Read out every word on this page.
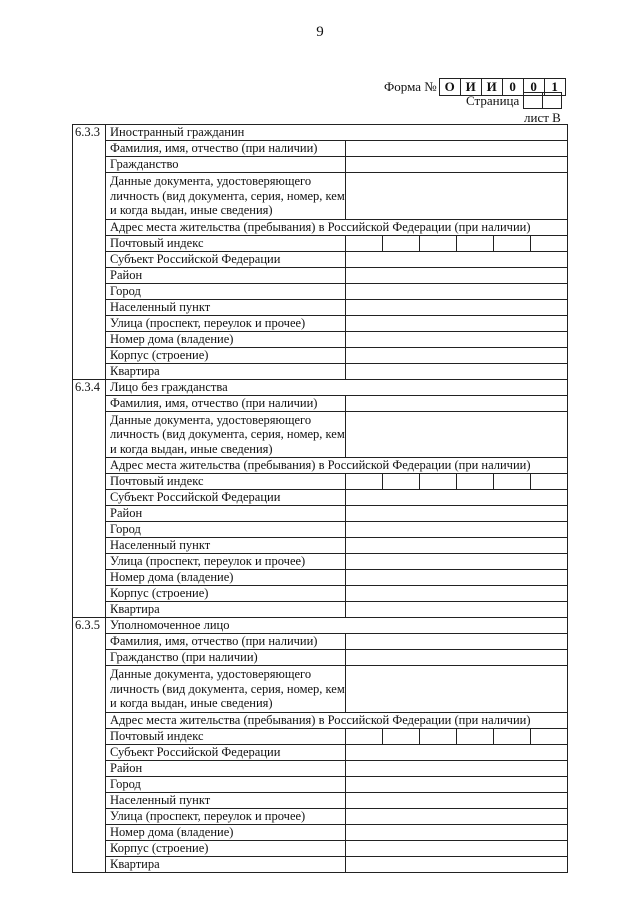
9
Форма № О И И 0	0	1
Страница
лист В
6.3.3 Иностранный гражданин
Фамилия, имя, отчество (при наличии)
Гражданство
Данные документа, удостоверяющего личность (вид документа, серия, номер, кем и когда выдан, иные сведения)
Адрес места жительства (пребывания) в Российской Федерации (при наличии)
Почтовый индекс
Субъект Российской Федерации
Район
Город
Населенный пункт
Улица (проспект, переулок и прочее)
Номер дома (владение)
Корпус (строение)
Квартира
6.3.4 Лицо без гражданства
Фамилия, имя, отчество (при наличии)
Данные документа, удостоверяющего личность (вид документа, серия, номер, кем и когда выдан, иные сведения)
Адрес места жительства (пребывания) в Российской Федерации (при наличии)
Почтовый индекс
Субъект Российской Федерации
Район
Город
Населенный пункт
Улица (проспект, переулок и прочее)
Номер дома (владение)
Корпус (строение)
Квартира
6.3.5 Уполномоченное лицо
Фамилия, имя, отчество (при наличии)
Гражданство (при наличии)
Данные документа, удостоверяющего личность (вид документа, серия, номер, кем и когда выдан, иные сведения)
Адрес места жительства (пребывания) в Российской Федерации (при наличии)
Почтовый индекс
Субъект Российской Федерации
Район
Город
Населенный пункт
Улица (проспект, переулок и прочее)
Номер дома (владение)
Корпус (строение)
Квартира
